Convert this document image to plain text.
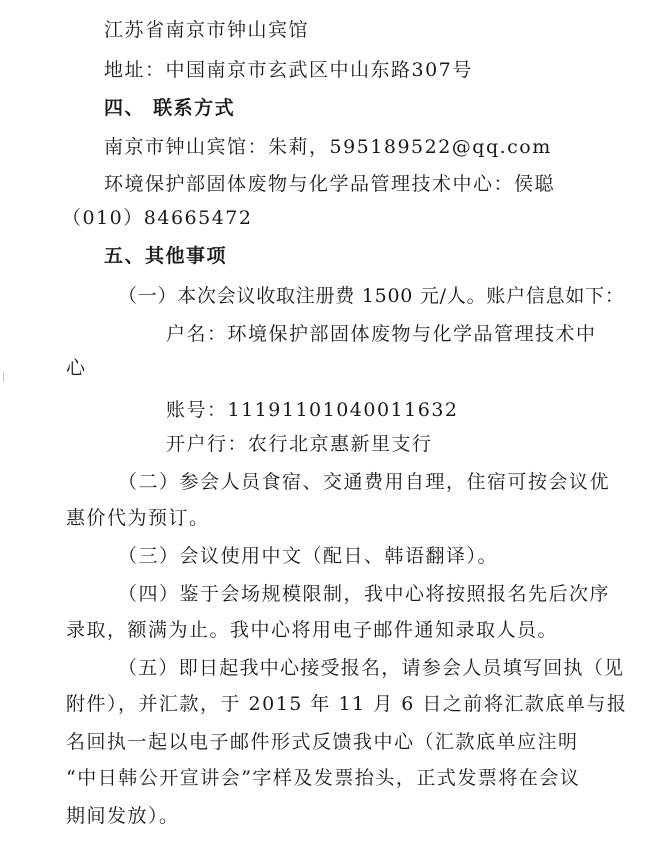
江苏省南京市钟山宾馆
地址：中国南京市玄武区中山东路307号
四、 联系方式
南京市钟山宾馆：朱莉，595189522@qq.com
环境保护部固体废物与化学品管理技术中心：侯聪
（010）84665472
五、其他事项
（一）本次会议收取注册费 1500 元/人。账户信息如下：
户名：环境保护部固体废物与化学品管理技术中
心
账号：11191101040011632
开户行：农行北京惠新里支行
（二）参会人员食宿、交通费用自理，住宿可按会议优
惠价代为预订。
（三）会议使用中文（配日、韩语翻译）。
（四）鉴于会场规模限制，我中心将按照报名先后次序
录取，额满为止。我中心将用电子邮件通知录取人员。
（五）即日起我中心接受报名，请参会人员填写回执（见
附件），并汇款，于 2015 年 11 月 6 日之前将汇款底单与报
名回执一起以电子邮件形式反馈我中心（汇款底单应注明
“中日韩公开宣讲会”字样及发票抬头，正式发票将在会议
期间发放）。
